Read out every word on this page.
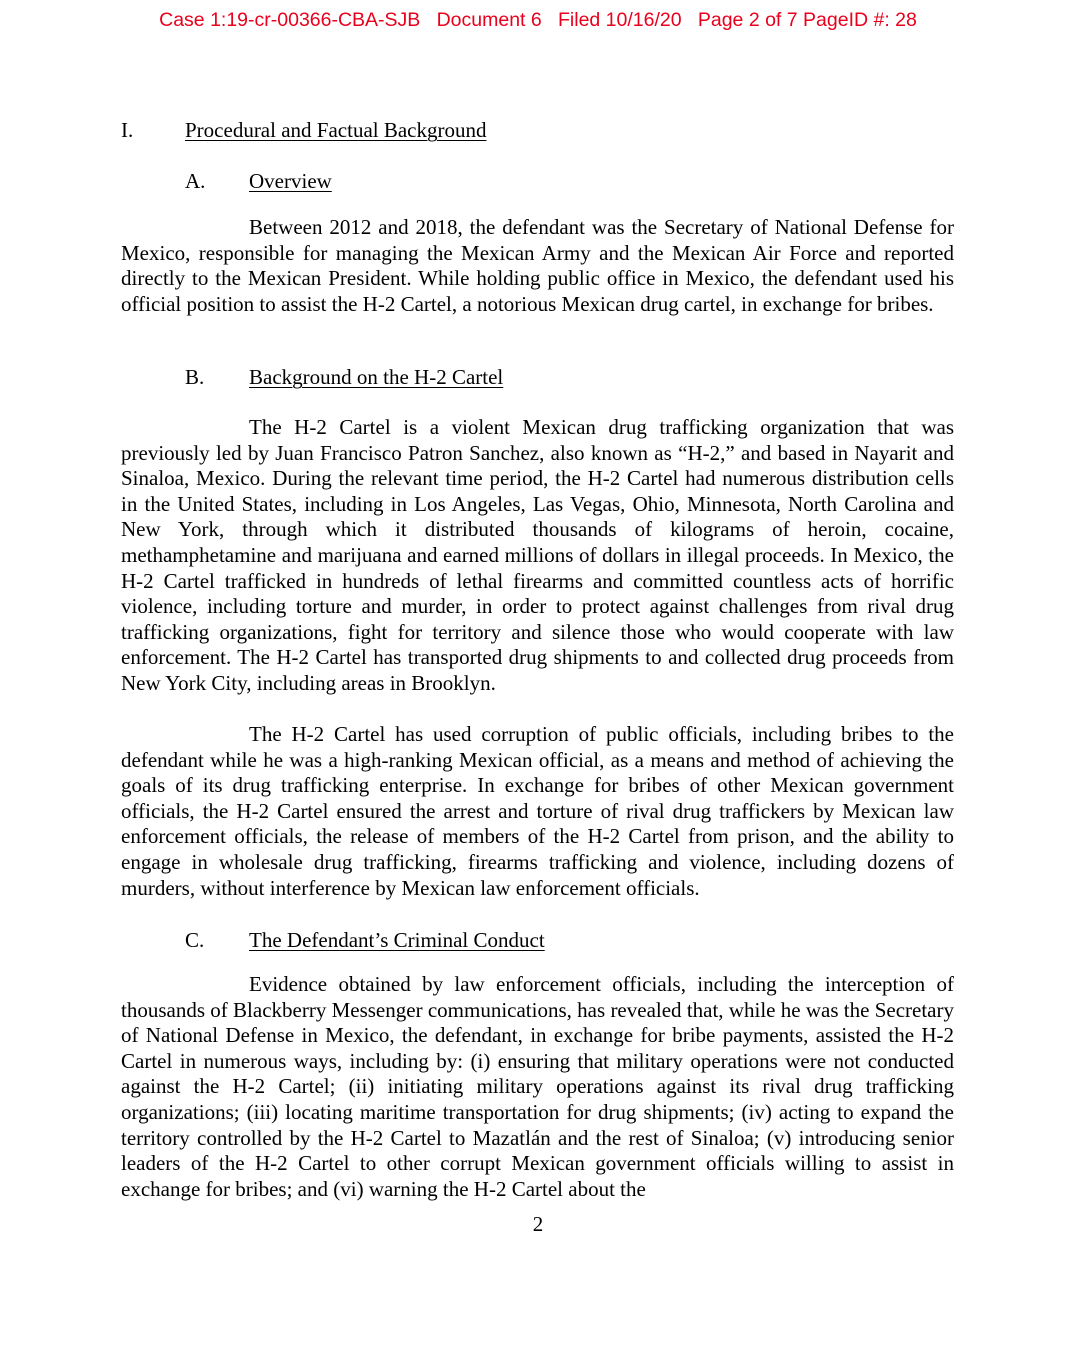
Case 1:19-cr-00366-CBA-SJB Document 6 Filed 10/16/20 Page 2 of 7 PageID #: 28
I. Procedural and Factual Background
A. Overview

Between 2012 and 2018, the defendant was the Secretary of National Defense for Mexico, responsible for managing the Mexican Army and the Mexican Air Force and reported directly to the Mexican President. While holding public office in Mexico, the defendant used his official position to assist the H-2 Cartel, a notorious Mexican drug cartel, in exchange for bribes.

B. Background on the H-2 Cartel

The H-2 Cartel is a violent Mexican drug trafficking organization that was previously led by Juan Francisco Patron Sanchez, also known as “H-2,” and based in Nayarit and Sinaloa, Mexico. During the relevant time period, the H-2 Cartel had numerous distribution cells in the United States, including in Los Angeles, Las Vegas, Ohio, Minnesota, North Carolina and New York, through which it distributed thousands of kilograms of heroin, cocaine, methamphetamine and marijuana and earned millions of dollars in illegal proceeds. In Mexico, the H-2 Cartel trafficked in hundreds of lethal firearms and committed countless acts of horrific violence, including torture and murder, in order to protect against challenges from rival drug trafficking organizations, fight for territory and silence those who would cooperate with law enforcement. The H-2 Cartel has transported drug shipments to and collected drug proceeds from New York City, including areas in Brooklyn.

The H-2 Cartel has used corruption of public officials, including bribes to the defendant while he was a high-ranking Mexican official, as a means and method of achieving the goals of its drug trafficking enterprise. In exchange for bribes of other Mexican government officials, the H-2 Cartel ensured the arrest and torture of rival drug traffickers by Mexican law enforcement officials, the release of members of the H-2 Cartel from prison, and the ability to engage in wholesale drug trafficking, firearms trafficking and violence, including dozens of murders, without interference by Mexican law enforcement officials.

C. The Defendant’s Criminal Conduct

Evidence obtained by law enforcement officials, including the interception of thousands of Blackberry Messenger communications, has revealed that, while he was the Secretary of National Defense in Mexico, the defendant, in exchange for bribe payments, assisted the H-2 Cartel in numerous ways, including by: (i) ensuring that military operations were not conducted against the H-2 Cartel; (ii) initiating military operations against its rival drug trafficking organizations; (iii) locating maritime transportation for drug shipments; (iv) acting to expand the territory controlled by the H-2 Cartel to Mazatlán and the rest of Sinaloa; (v) introducing senior leaders of the H-2 Cartel to other corrupt Mexican government officials willing to assist in exchange for bribes; and (vi) warning the H-2 Cartel about the

2
